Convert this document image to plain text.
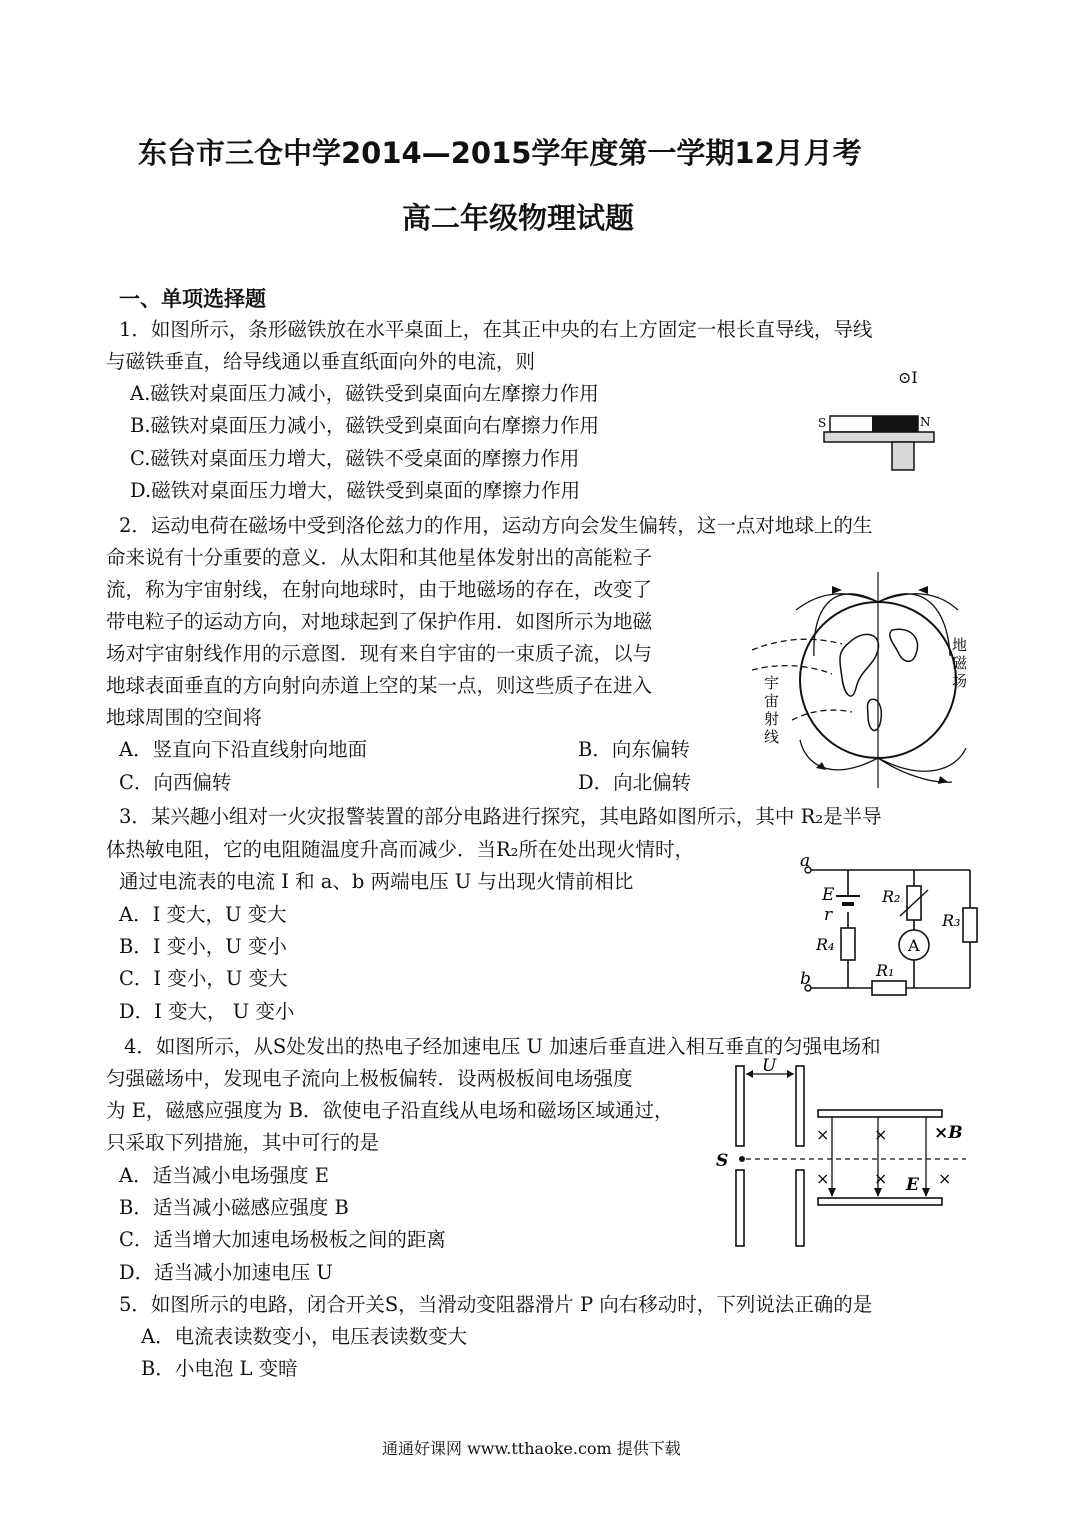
东台市三仓中学2014—2015学年度第一学期12月月考
高二年级物理试题
一、单项选择题
1．如图所示，条形磁铁放在水平桌面上，在其正中央的右上方固定一根长直导线，导线
与磁铁垂直，给导线通以垂直纸面向外的电流，则
A.磁铁对桌面压力减小，磁铁受到桌面向左摩擦力作用
B.磁铁对桌面压力减小，磁铁受到桌面向右摩擦力作用
C.磁铁对桌面压力增大，磁铁不受桌面的摩擦力作用
D.磁铁对桌面压力增大，磁铁受到桌面的摩擦力作用
⊙I
S	N
2．运动电荷在磁场中受到洛伦兹力的作用，运动方向会发生偏转，这一点对地球上的生
命来说有十分重要的意义．从太阳和其他星体发射出的高能粒子
流，称为宇宙射线，在射向地球时，由于地磁场的存在，改变了
带电粒子的运动方向，对地球起到了保护作用．如图所示为地磁
场对宇宙射线作用的示意图．现有来自宇宙的一束质子流，以与
地球表面垂直的方向射向赤道上空的某一点，则这些质子在进入
地球周围的空间将
A．竖直向下沿直线射向地面	B．向东偏转
C．向西偏转	D．向北偏转
宇
宙
射
线
地
磁
场
3．某兴趣小组对一火灾报警装置的部分电路进行探究，其电路如图所示，其中 R₂是半导
体热敏电阻，它的电阻随温度升高而减少．当R₂所在处出现火情时，
通过电流表的电流 I 和 a、b 两端电压 U 与出现火情前相比
A．I 变大，U 变大
B．I 变小，U 变小
C．I 变小，U 变大
D．I 变大， U 变小
a
b
E
r
R₄
R₂
A
R₃
R₁
4．如图所示，从S处发出的热电子经加速电压 U 加速后垂直进入相互垂直的匀强电场和
匀强磁场中，发现电子流向上极板偏转．设两极板间电场强度
为 E，磁感应强度为 B．欲使电子沿直线从电场和磁场区域通过，
只采取下列措施，其中可行的是
A．适当减小电场强度 E
B．适当减小磁感应强度 B
C．适当增大加速电场极板之间的距离
D．适当减小加速电压 U
U
S
×	×
×	×	×
×B
E
5．如图所示的电路，闭合开关S，当滑动变阻器滑片 P 向右移动时，下列说法正确的是
A．电流表读数变小，电压表读数变大
B．小电泡 L 变暗
通通好课网 www.tthaoke.com 提供下载
